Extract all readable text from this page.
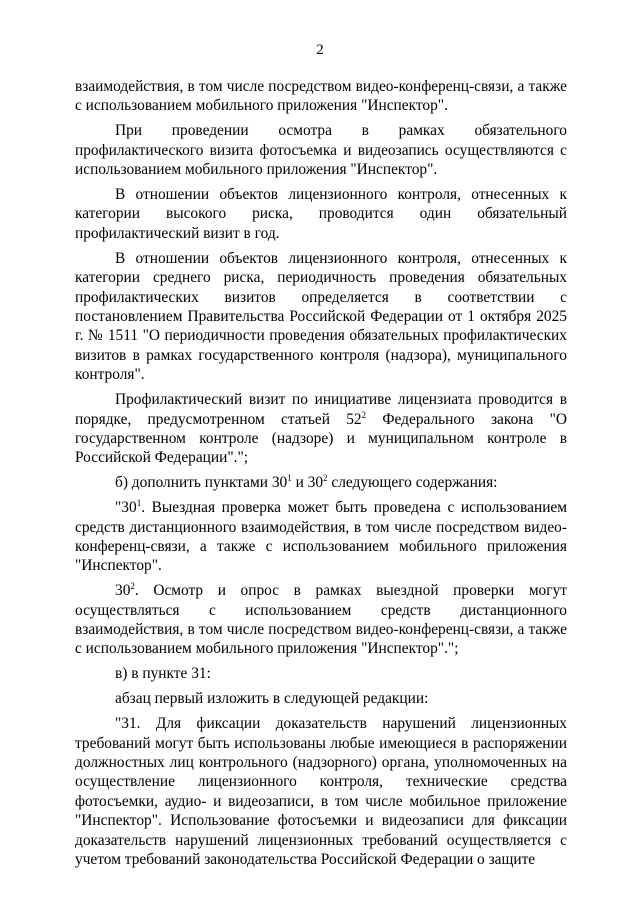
2

взаимодействия, в том числе посредством видео-конференц-связи, а также с использованием мобильного приложения "Инспектор".

При проведении осмотра в рамках обязательного профилактического визита фотосъемка и видеозапись осуществляются с использованием мобильного приложения "Инспектор".

В отношении объектов лицензионного контроля, отнесенных к категории высокого риска, проводится один обязательный профилактический визит в год.

В отношении объектов лицензионного контроля, отнесенных к категории среднего риска, периодичность проведения обязательных профилактических визитов определяется в соответствии с постановлением Правительства Российской Федерации от 1 октября 2025 г. № 1511 "О периодичности проведения обязательных профилактических визитов в рамках государственного контроля (надзора), муниципального контроля".

Профилактический визит по инициативе лицензиата проводится в порядке, предусмотренном статьей $52^2$ Федерального закона "О государственном контроле (надзоре) и муниципальном контроле в Российской Федерации".";

б) дополнить пунктами $30^1$ и $30^2$ следующего содержания:

"$30^1$. Выездная проверка может быть проведена с использованием средств дистанционного взаимодействия, в том числе посредством видео-конференц-связи, а также с использованием мобильного приложения "Инспектор".

$30^2$. Осмотр и опрос в рамках выездной проверки могут осуществляться с использованием средств дистанционного взаимодействия, в том числе посредством видео-конференц-связи, а также с использованием мобильного приложения "Инспектор".";

в) в пункте 31:

абзац первый изложить в следующей редакции:

"31. Для фиксации доказательств нарушений лицензионных требований могут быть использованы любые имеющиеся в распоряжении должностных лиц контрольного (надзорного) органа, уполномоченных на осуществление лицензионного контроля, технические средства фотосъемки, аудио- и видеозаписи, в том числе мобильное приложение "Инспектор". Использование фотосъемки и видеозаписи для фиксации доказательств нарушений лицензионных требований осуществляется с учетом требований законодательства Российской Федерации о защите
